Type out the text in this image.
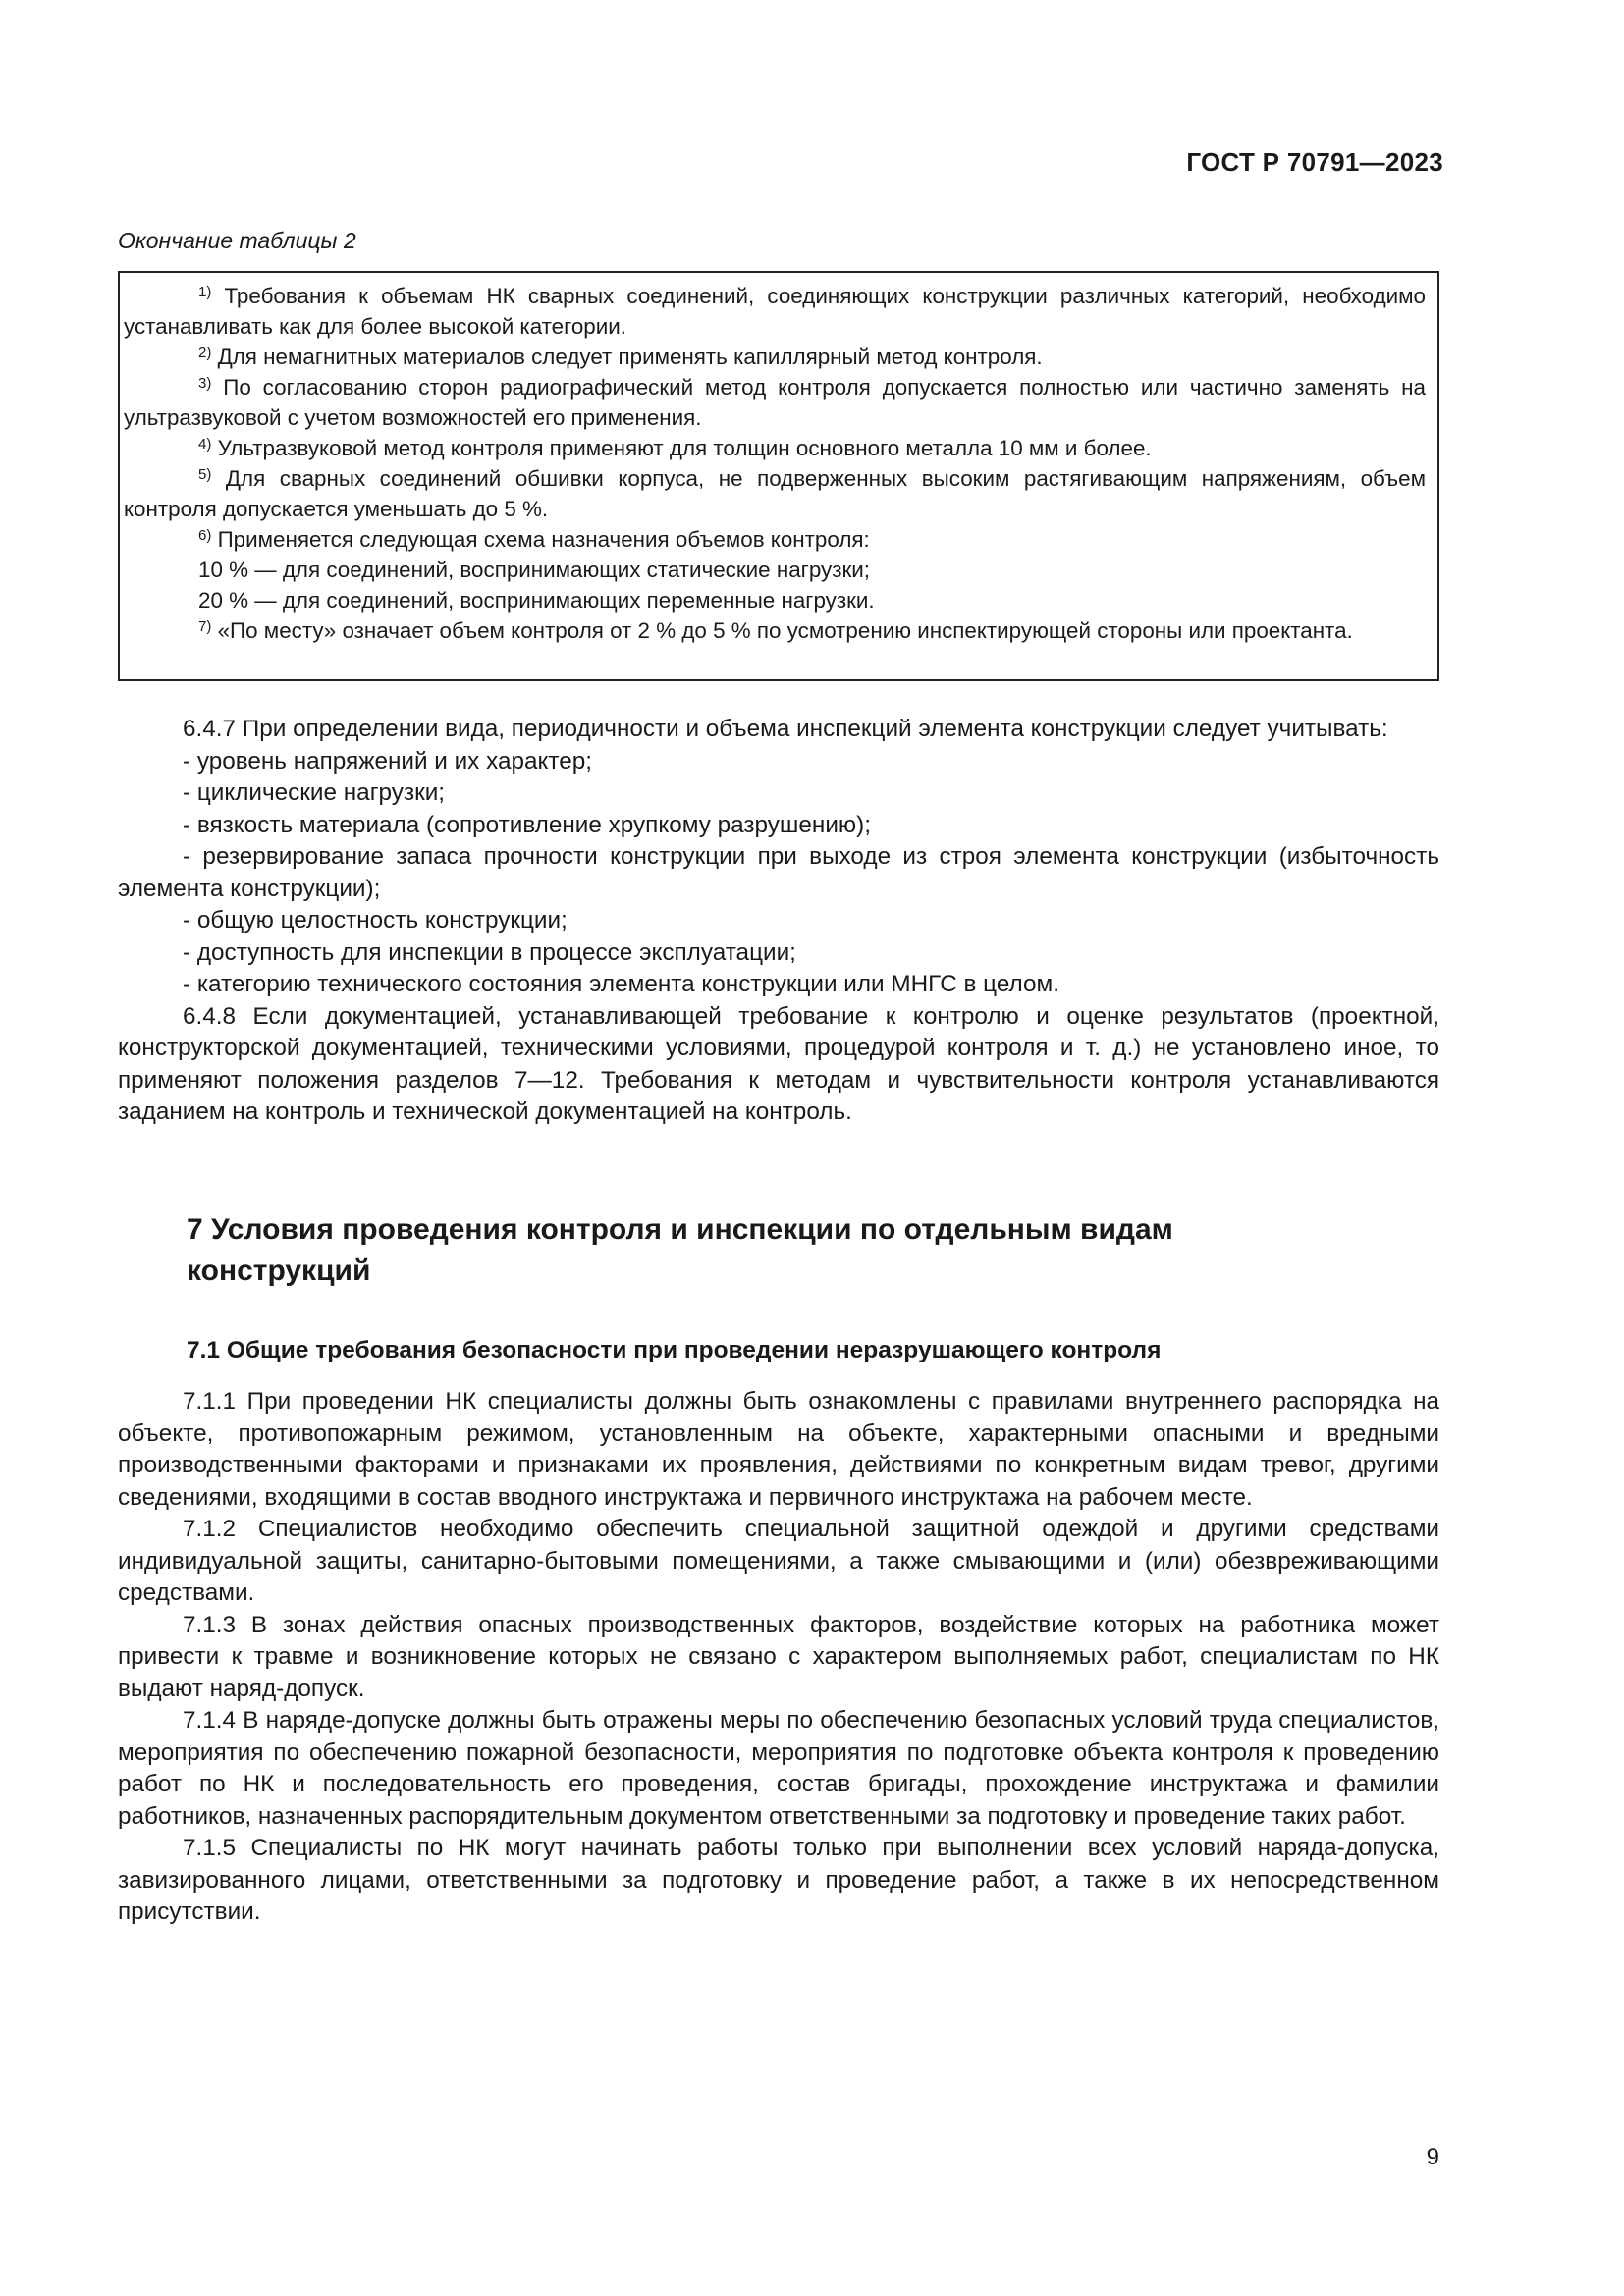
ГОСТ Р 70791—2023
Окончание таблицы 2

$^{1)}$ Требования к объемам НК сварных соединений, соединяющих конструкции различных категорий, необходимо устанавливать как для более высокой категории.

$^{2)}$ Для немагнитных материалов следует применять капиллярный метод контроля.

$^{3)}$ По согласованию сторон радиографический метод контроля допускается полностью или частично заменять на ультразвуковой с учетом возможностей его применения.

$^{4)}$ Ультразвуковой метод контроля применяют для толщин основного металла 10 мм и более.

$^{5)}$ Для сварных соединений обшивки корпуса, не подверженных высоким растягивающим напряжениям, объем контроля допускается уменьшать до 5 %.

$^{6)}$ Применяется следующая схема назначения объемов контроля:

10 % — для соединений, воспринимающих статические нагрузки;

20 % — для соединений, воспринимающих переменные нагрузки.

$^{7)}$ «По месту» означает объем контроля от 2 % до 5 % по усмотрению инспектирующей стороны или проектанта.

6.4.7 При определении вида, периодичности и объема инспекций элемента конструкции следует учитывать:

- уровень напряжений и их характер;

- циклические нагрузки;

- вязкость материала (сопротивление хрупкому разрушению);

- резервирование запаса прочности конструкции при выходе из строя элемента конструкции (избыточность элемента конструкции);

- общую целостность конструкции;

- доступность для инспекции в процессе эксплуатации;

- категорию технического состояния элемента конструкции или МНГС в целом.

6.4.8 Если документацией, устанавливающей требование к контролю и оценке результатов (проектной, конструкторской документацией, техническими условиями, процедурой контроля и т. д.) не установлено иное, то применяют положения разделов 7—12. Требования к методам и чувствительности контроля устанавливаются заданием на контроль и технической документацией на контроль.

7 Условия проведения контроля и инспекции по отдельным видам конструкций
7.1 Общие требования безопасности при проведении неразрушающего контроля

7.1.1 При проведении НК специалисты должны быть ознакомлены с правилами внутреннего распорядка на объекте, противопожарным режимом, установленным на объекте, характерными опасными и вредными производственными факторами и признаками их проявления, действиями по конкретным видам тревог, другими сведениями, входящими в состав вводного инструктажа и первичного инструктажа на рабочем месте.

7.1.2 Специалистов необходимо обеспечить специальной защитной одеждой и другими средствами индивидуальной защиты, санитарно-бытовыми помещениями, а также смывающими и (или) обезвреживающими средствами.

7.1.3 В зонах действия опасных производственных факторов, воздействие которых на работника может привести к травме и возникновение которых не связано с характером выполняемых работ, специалистам по НК выдают наряд-допуск.

7.1.4 В наряде-допуске должны быть отражены меры по обеспечению безопасных условий труда специалистов, мероприятия по обеспечению пожарной безопасности, мероприятия по подготовке объекта контроля к проведению работ по НК и последовательность его проведения, состав бригады, прохождение инструктажа и фамилии работников, назначенных распорядительным документом ответственными за подготовку и проведение таких работ.

7.1.5 Специалисты по НК могут начинать работы только при выполнении всех условий наряда-допуска, завизированного лицами, ответственными за подготовку и проведение работ, а также в их непосредственном присутствии.

9
